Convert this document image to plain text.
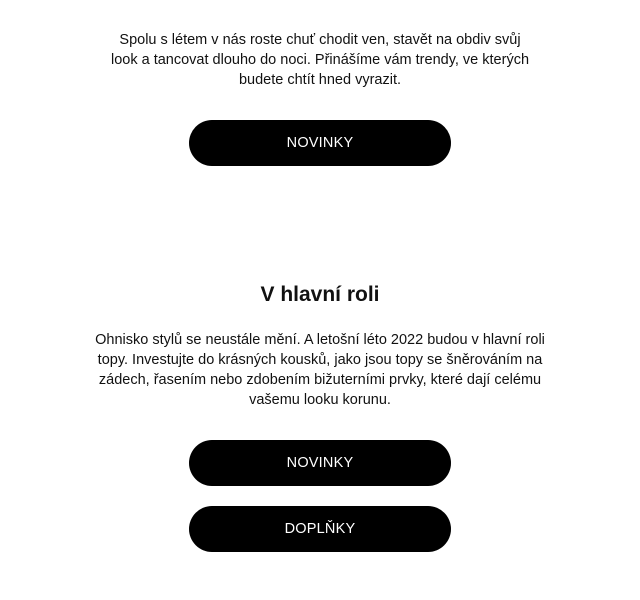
Spolu s létem v nás roste chuť chodit ven, stavět na obdiv svůj look a tancovat dlouho do noci. Přinášíme vám trendy, ve kterých budete chtít hned vyrazit.

NOVINKY
V hlavní roli

Ohnisko stylů se neustále mění. A letošní léto 2022 budou v hlavní roli topy. Investujte do krásných kousků, jako jsou topy se šněrováním na zádech, řasením nebo zdobením bižuterními prvky, které dají celému vašemu looku korunu.

NOVINKY
DOPLŇKY
